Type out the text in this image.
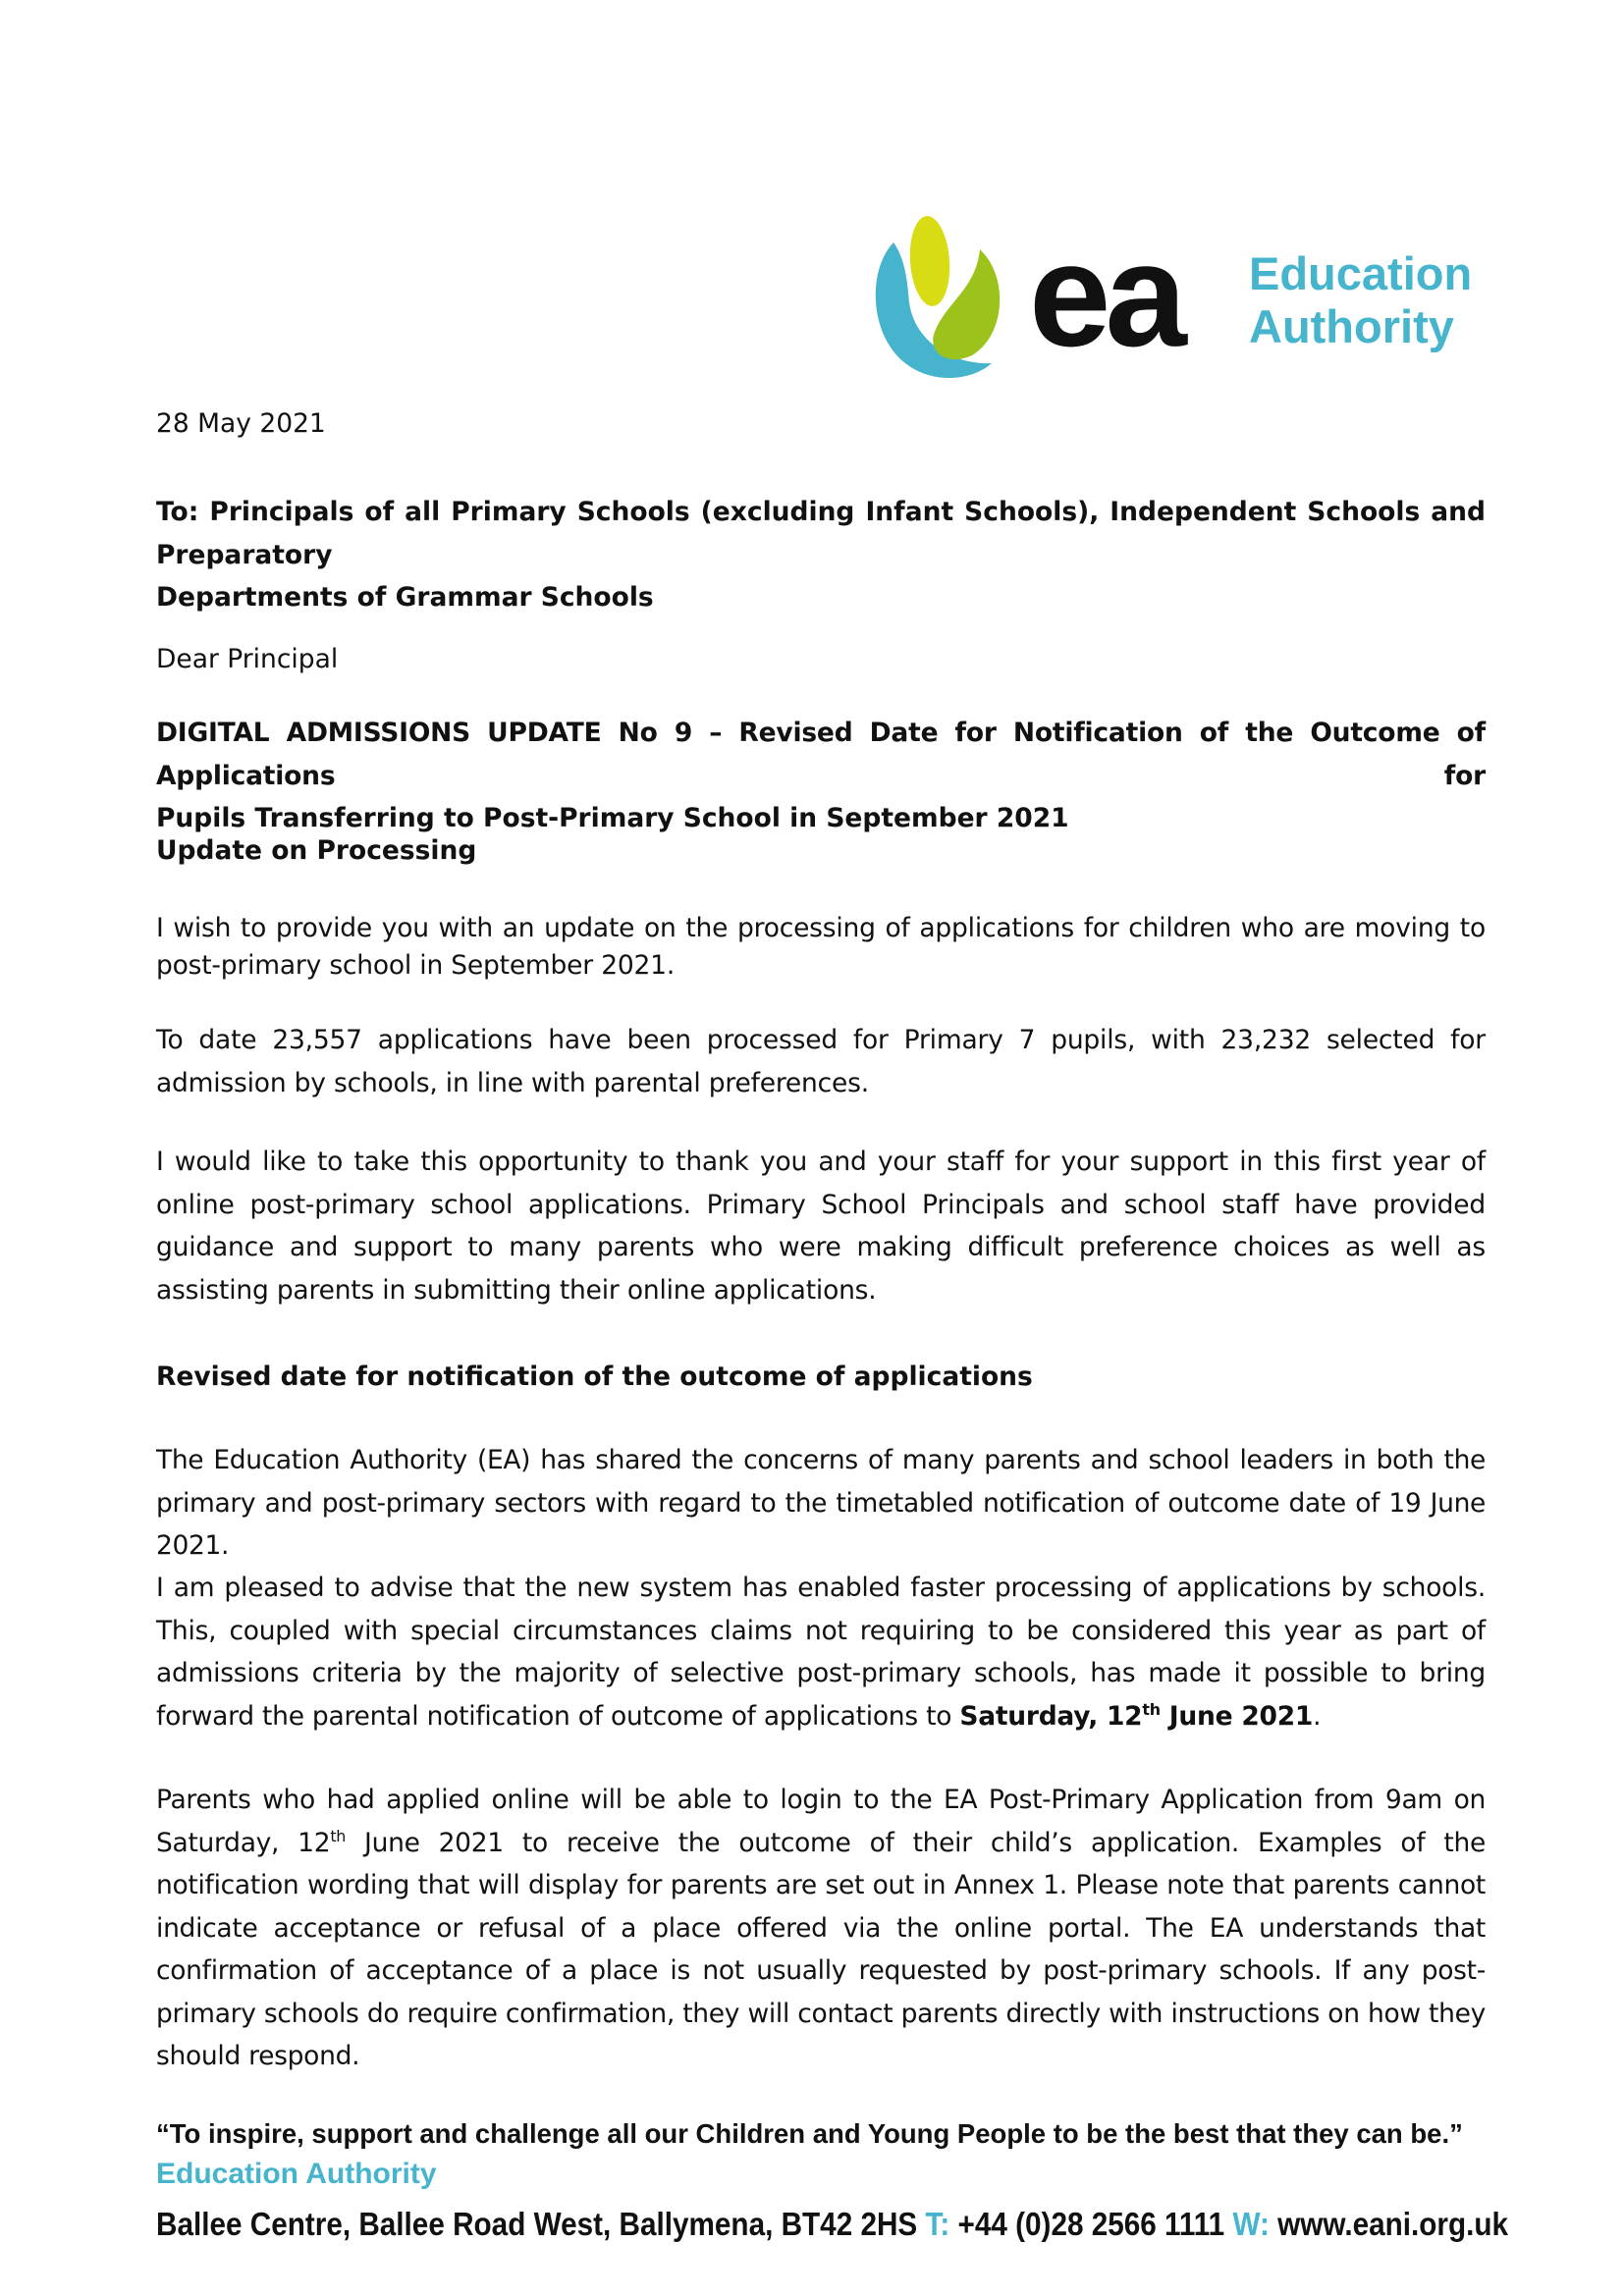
ea Education
Authority

28 May 2021

To: Principals of all Primary Schools (excluding Infant Schools), Independent Schools and Preparatory
Departments of Grammar Schools

Dear Principal

DIGITAL ADMISSIONS UPDATE No 9 – Revised Date for Notification of the Outcome of Applications for
Pupils Transferring to Post-Primary School in September 2021

Update on Processing

I wish to provide you with an update on the processing of applications for children who are moving to post-primary school in September 2021.

To date 23,557 applications have been processed for Primary 7 pupils, with 23,232 selected for admission by schools, in line with parental preferences.

I would like to take this opportunity to thank you and your staff for your support in this first year of online post-primary school applications. Primary School Principals and school staff have provided guidance and support to many parents who were making difficult preference choices as well as assisting parents in submitting their online applications.

Revised date for notification of the outcome of applications

The Education Authority (EA) has shared the concerns of many parents and school leaders in both the primary and post-primary sectors with regard to the timetabled notification of outcome date of 19 June 2021.

I am pleased to advise that the new system has enabled faster processing of applications by schools. This, coupled with special circumstances claims not requiring to be considered this year as part of admissions criteria by the majority of selective post-primary schools, has made it possible to bring forward the parental notification of outcome of applications to Saturday, 12th June 2021.

Parents who had applied online will be able to login to the EA Post-Primary Application from 9am on Saturday, 12th June 2021 to receive the outcome of their child’s application. Examples of the notification wording that will display for parents are set out in Annex 1. Please note that parents cannot indicate acceptance or refusal of a place offered via the online portal. The EA understands that confirmation of acceptance of a place is not usually requested by post-primary schools. If any post-primary schools do require confirmation, they will contact parents directly with instructions on how they should respond.

“To inspire, support and challenge all our Children and Young People to be the best that they can be.”

Education Authority

Ballee Centre, Ballee Road West, Ballymena, BT42 2HS T: +44 (0)28 2566 1111 W: www.eani.org.uk
